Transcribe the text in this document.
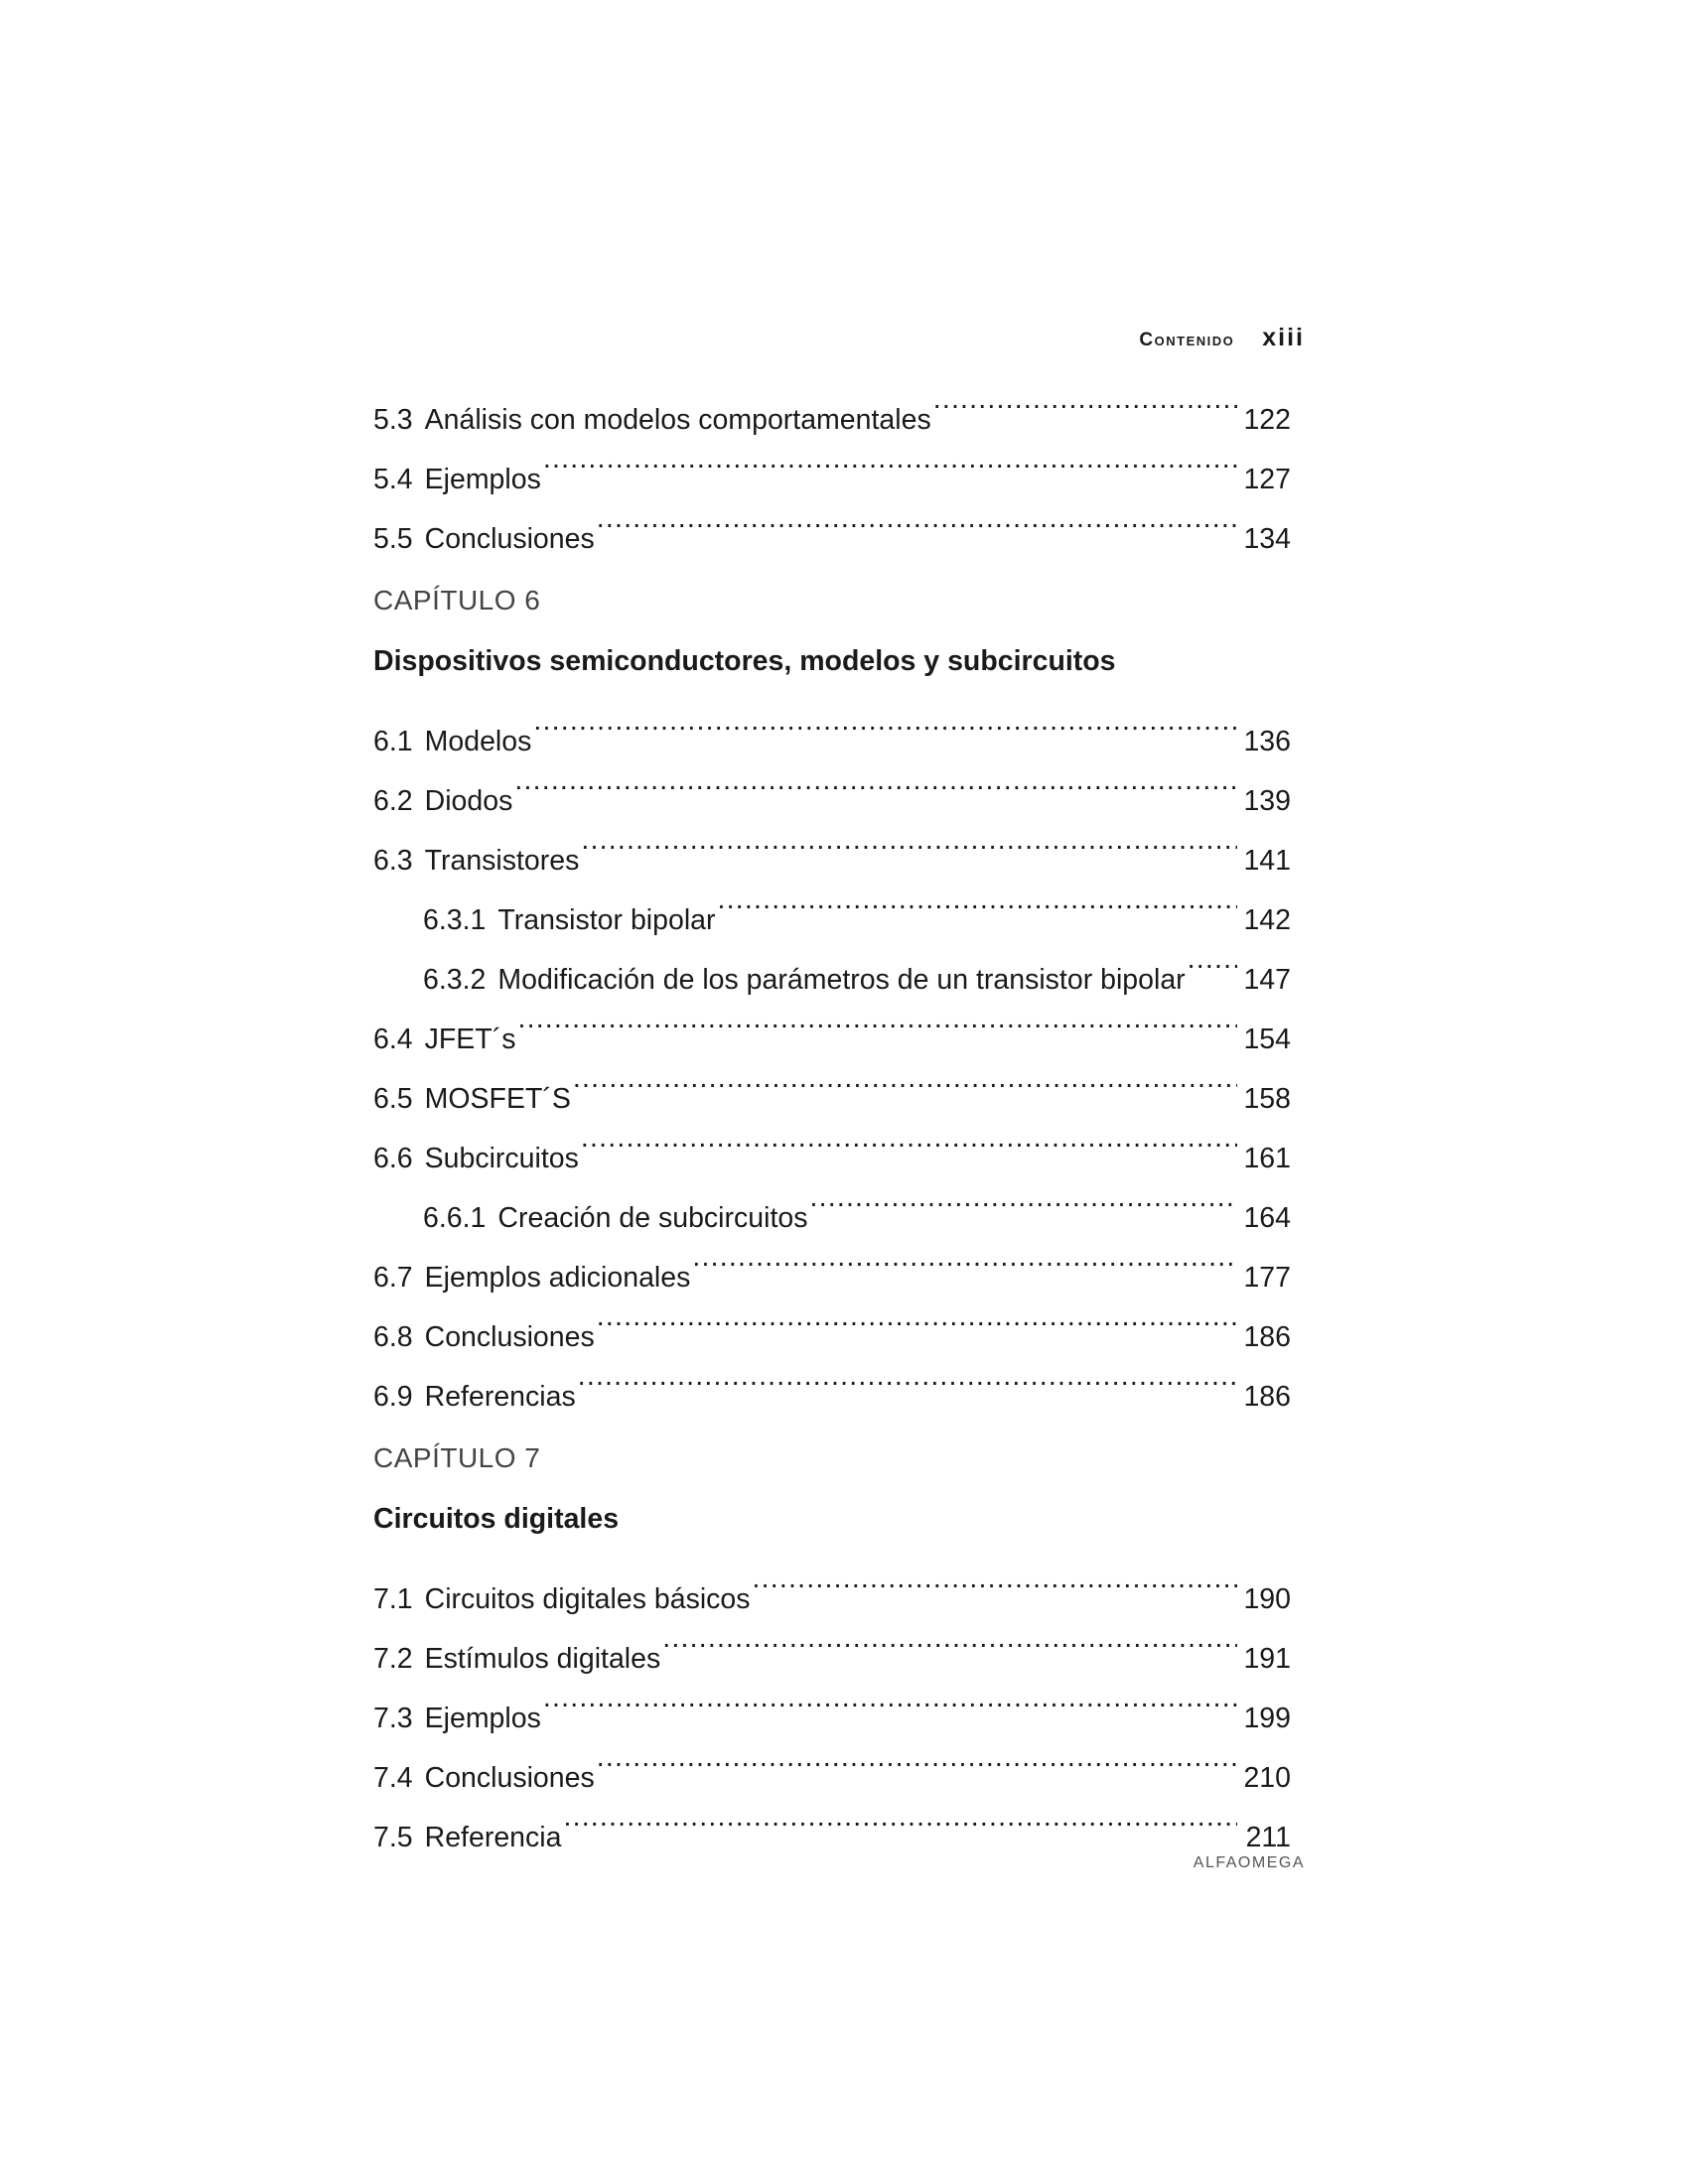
Contenido xiii
5.3 Análisis con modelos comportamentales .....	122
5.4 Ejemplos .....	127
5.5 Conclusiones .....	134
CAPÍTULO 6
Dispositivos semiconductores, modelos y subcircuitos
6.1 Modelos .....	136
6.2 Diodos .....	139
6.3 Transistores .....	141
6.3.1 Transistor bipolar .....	142
6.3.2 Modificación de los parámetros de un transistor bipolar ..... 147
6.4 JFET´s .....	154
6.5 MOSFET´S .....	158
6.6 Subcircuitos .....	161
6.6.1 Creación de subcircuitos .....	164
6.7 Ejemplos adicionales .....	177
6.8 Conclusiones .....	186
6.9 Referencias .....	186
CAPÍTULO 7
Circuitos digitales
7.1 Circuitos digitales básicos .....	190
7.2 Estímulos digitales .....	191
7.3 Ejemplos .....	199
7.4 Conclusiones .....	210
7.5 Referencia .....	211
ALFAOMEGA
